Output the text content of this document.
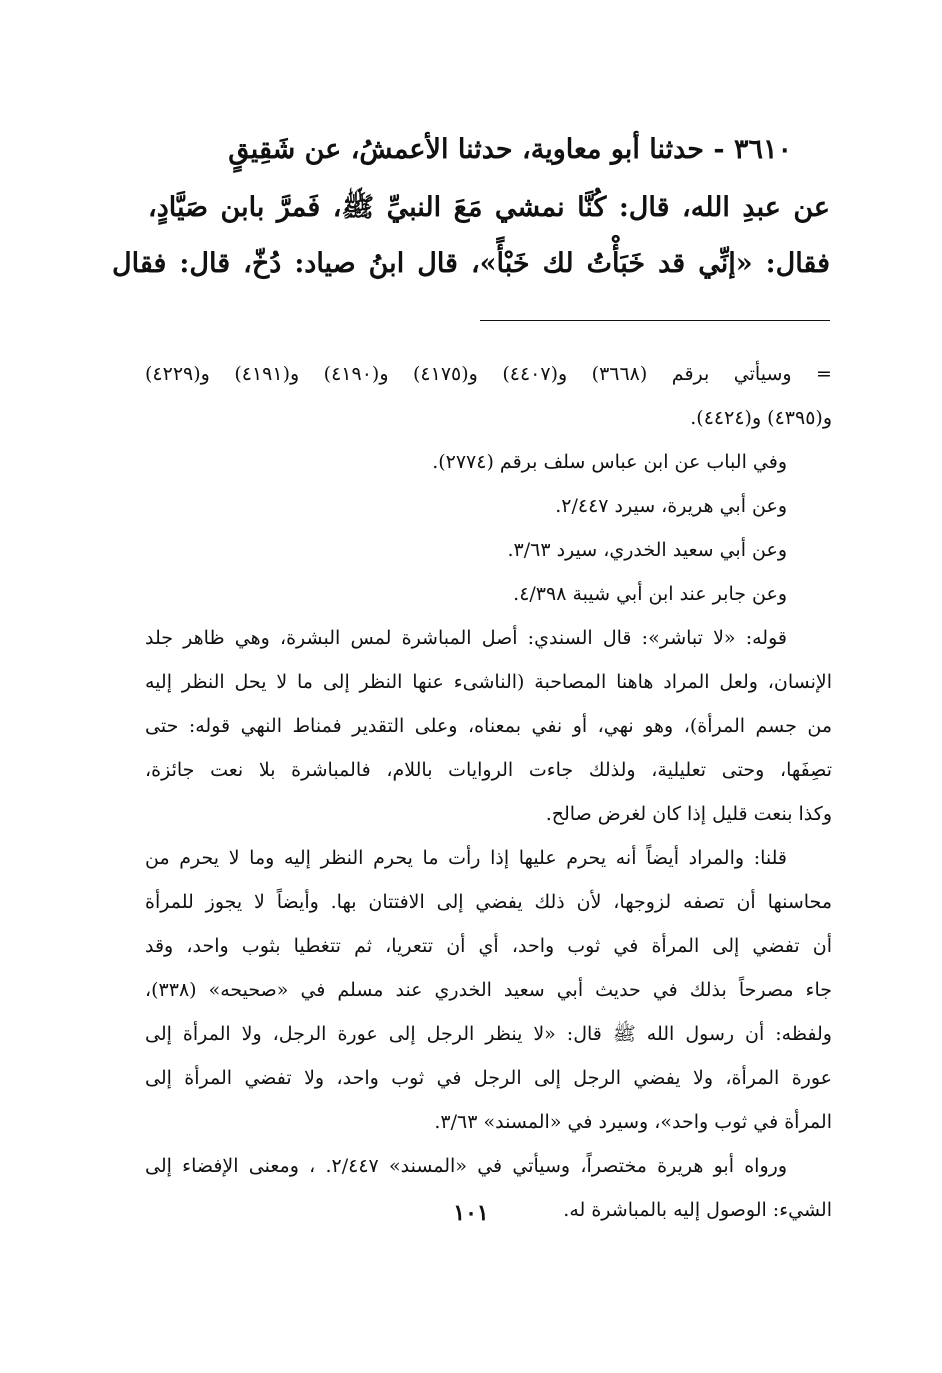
٣٦١٠ - حدثنا أبو معاوية، حدثنا الأعمشُ، عن شَقِيقٍ
عن عبدِ الله، قال: كُنَّا نمشي مَعَ النبيِّ ﷺ، فَمرَّ بابن صَيَّادٍ،
فقال: «إنِّي قد خَبَأْتُ لك خَبْأً»، قال ابنُ صياد: دُخّ، قال: فقال
= وسيأتي برقم (٣٦٦٨) و(٤٤٠٧) و(٤١٧٥) و(٤١٩٠) و(٤١٩١) و(٤٢٢٩)
و(٤٣٩٥) و(٤٤٢٤).
وفي الباب عن ابن عباس سلف برقم (٢٧٧٤).
وعن أبي هريرة، سيرد ٢/٤٤٧.
وعن أبي سعيد الخدري، سيرد ٣/٦٣.
وعن جابر عند ابن أبي شيبة ٤/٣٩٨.
قوله: «لا تباشر»: قال السندي: أصل المباشرة لمس البشرة، وهي ظاهر جلد
الإنسان، ولعل المراد هاهنا المصاحبة (الناشىء عنها النظر إلى ما لا يحل النظر إليه
من جسم المرأة)، وهو نهي، أو نفي بمعناه، وعلى التقدير فمناط النهي قوله: حتى
تصِفَها، وحتى تعليلية، ولذلك جاءت الروايات باللام، فالمباشرة بلا نعت جائزة،
وكذا بنعت قليل إذا كان لغرض صالح.
قلنا: والمراد أيضاً أنه يحرم عليها إذا رأت ما يحرم النظر إليه وما لا يحرم من
محاسنها أن تصفه لزوجها، لأن ذلك يفضي إلى الافتتان بها. وأيضاً لا يجوز للمرأة
أن تفضي إلى المرأة في ثوب واحد، أي أن تتعريا، ثم تتغطيا بثوب واحد، وقد
جاء مصرحاً بذلك في حديث أبي سعيد الخدري عند مسلم في «صحيحه» (٣٣٨)،
ولفظه: أن رسول الله ﷺ قال: «لا ينظر الرجل إلى عورة الرجل، ولا المرأة إلى
عورة المرأة، ولا يفضي الرجل إلى الرجل في ثوب واحد، ولا تفضي المرأة إلى
المرأة في ثوب واحد»، وسيرد في «المسند» ٣/٦٣.
ورواه أبو هريرة مختصراً، وسيأتي في «المسند» ٢/٤٤٧. ، ومعنى الإفضاء إلى
الشيء: الوصول إليه بالمباشرة له.
١٠١
